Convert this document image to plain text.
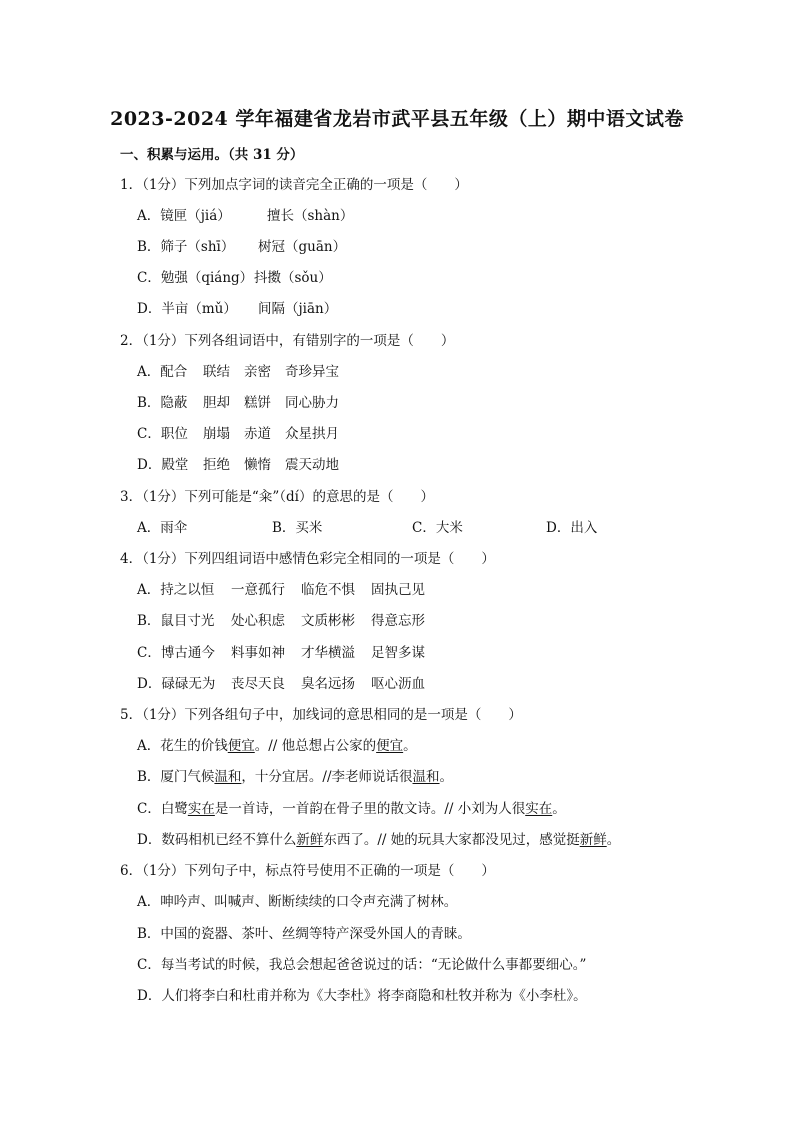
2023-2024 学年福建省龙岩市武平县五年级（上）期中语文试卷
一、积累与运用。（共 31 分）
1．（1分）下列加点字词的读音完全正确的一项是（　　）
A．镜匣（jiá）	擅长（shàn）
B．筛子（shī） 树冠（guān）
C．勉强（qiáng）抖擞（sǒu）
D．半亩（mǔ） 间隔（jiān）
2．（1分）下列各组词语中，有错别字的一项是（　　）
A．配合 联结 亲密 奇珍异宝
B．隐蔽 胆却 糕饼 同心胁力
C．职位 崩塌 赤道 众星拱月
D．殿堂 拒绝 懒惰 震天动地
3．（1分）下列可能是“籴”（dí）的意思的是（　　）
A．雨伞	B．买米	C．大米	D．出入
4．（1分）下列四组词语中感情色彩完全相同的一项是（　　）
A．持之以恒 一意孤行 临危不惧 固执己见
B．鼠目寸光 处心积虑 文质彬彬 得意忘形
C．博古通今 料事如神 才华横溢 足智多谋
D．碌碌无为 丧尽天良 臭名远扬 呕心沥血
5．（1分）下列各组句子中，加线词的意思相同的是一项是（　　）
A．花生的价钱便宜。// 他总想占公家的便宜。
B．厦门气候温和，十分宜居。//李老师说话很温和。
C．白鹭实在是一首诗，一首韵在骨子里的散文诗。// 小刘为人很实在。
D．数码相机已经不算什么新鲜东西了。// 她的玩具大家都没见过，感觉挺新鲜。
6．（1分）下列句子中，标点符号使用不正确的一项是（　　）
A．呻吟声、叫喊声、断断续续的口令声充满了树林。
B．中国的瓷器、茶叶、丝绸等特产深受外国人的青睐。
C．每当考试的时候，我总会想起爸爸说过的话：“无论做什么事都要细心。”
D．人们将李白和杜甫并称为《大李杜》将李商隐和杜牧并称为《小李杜》。
